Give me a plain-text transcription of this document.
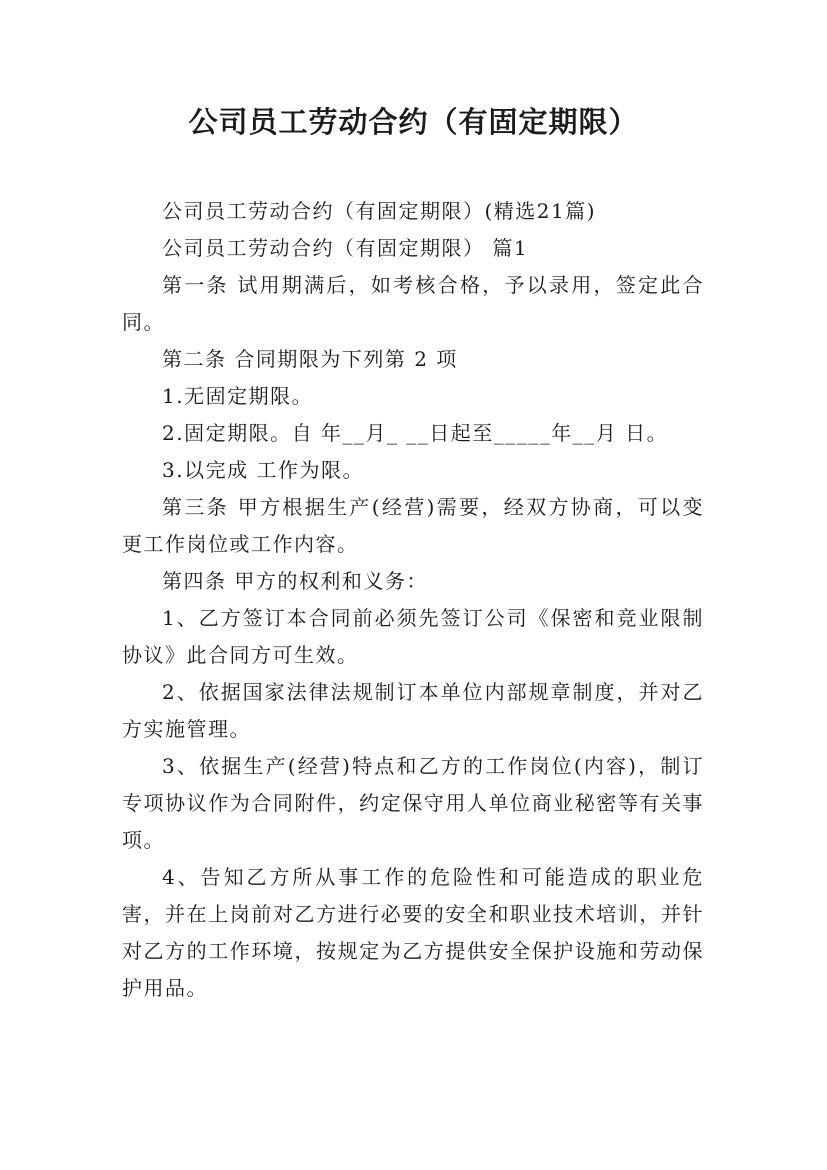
公司员工劳动合约（有固定期限）

公司员工劳动合约（有固定期限）(精选21篇)

公司员工劳动合约（有固定期限） 篇1

第一条 试用期满后，如考核合格，予以录用，签定此合同。

第二条 合同期限为下列第 2 项

1.无固定期限。

2.固定期限。自 年__月_ __日起至_____年__月 日。

3.以完成 工作为限。

第三条 甲方根据生产(经营)需要，经双方协商，可以变更工作岗位或工作内容。

第四条 甲方的权利和义务：

1、乙方签订本合同前必须先签订公司《保密和竞业限制协议》此合同方可生效。

2、依据国家法律法规制订本单位内部规章制度，并对乙方实施管理。

3、依据生产(经营)特点和乙方的工作岗位(内容)，制订专项协议作为合同附件，约定保守用人单位商业秘密等有关事项。

4、告知乙方所从事工作的危险性和可能造成的职业危害，并在上岗前对乙方进行必要的安全和职业技术培训，并针对乙方的工作环境，按规定为乙方提供安全保护设施和劳动保护用品。
